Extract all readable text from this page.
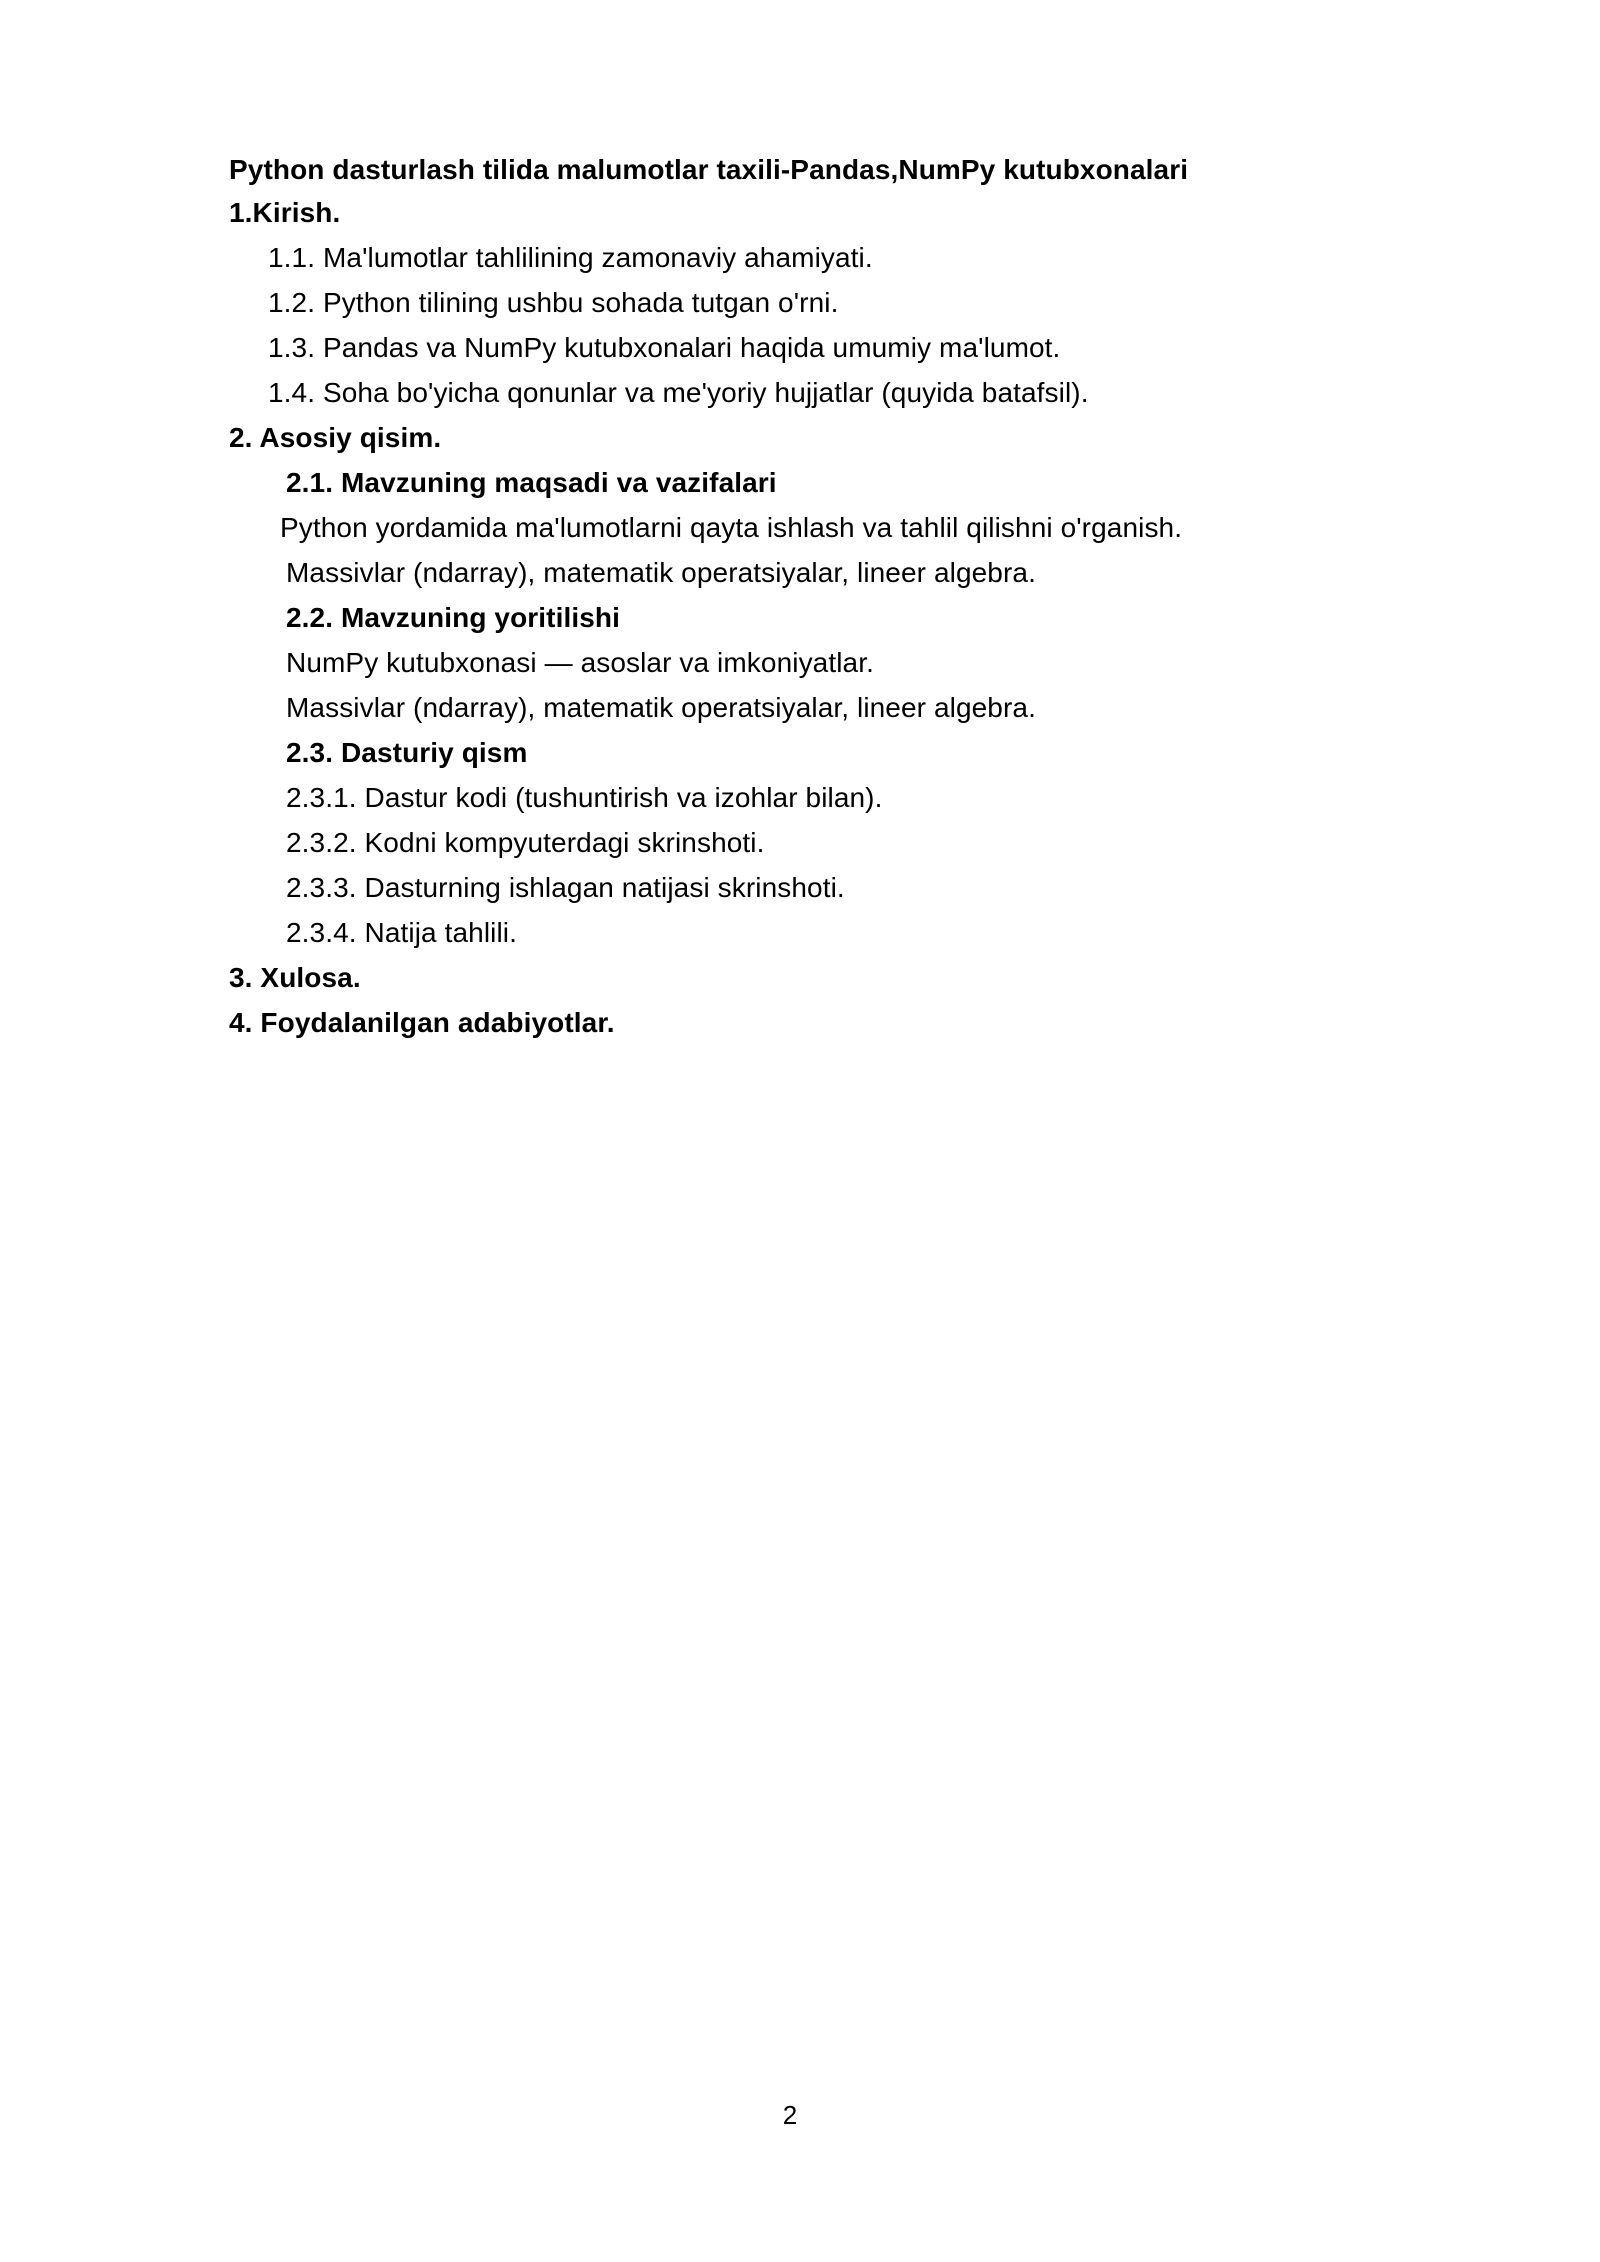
Python dasturlash tilida malumotlar taxili-Pandas,NumPy kutubxonalari
1.Kirish.
1.1. Ma'lumotlar tahlilining zamonaviy ahamiyati.
1.2. Python tilining ushbu sohada tutgan o'rni.
1.3. Pandas va NumPy kutubxonalari haqida umumiy ma'lumot.
1.4. Soha bo'yicha qonunlar va me'yoriy hujjatlar (quyida batafsil).
2. Asosiy qisim.
2.1. Mavzuning maqsadi va vazifalari
Python yordamida ma'lumotlarni qayta ishlash va tahlil qilishni o'rganish.
Massivlar (ndarray), matematik operatsiyalar, lineer algebra.
2.2. Mavzuning yoritilishi
NumPy kutubxonasi — asoslar va imkoniyatlar.
Massivlar (ndarray), matematik operatsiyalar, lineer algebra.
2.3. Dasturiy qism
2.3.1. Dastur kodi (tushuntirish va izohlar bilan).
2.3.2. Kodni kompyuterdagi skrinshoti.
2.3.3. Dasturning ishlagan natijasi skrinshoti.
2.3.4. Natija tahlili.
3. Xulosa.
4. Foydalanilgan adabiyotlar.
2
